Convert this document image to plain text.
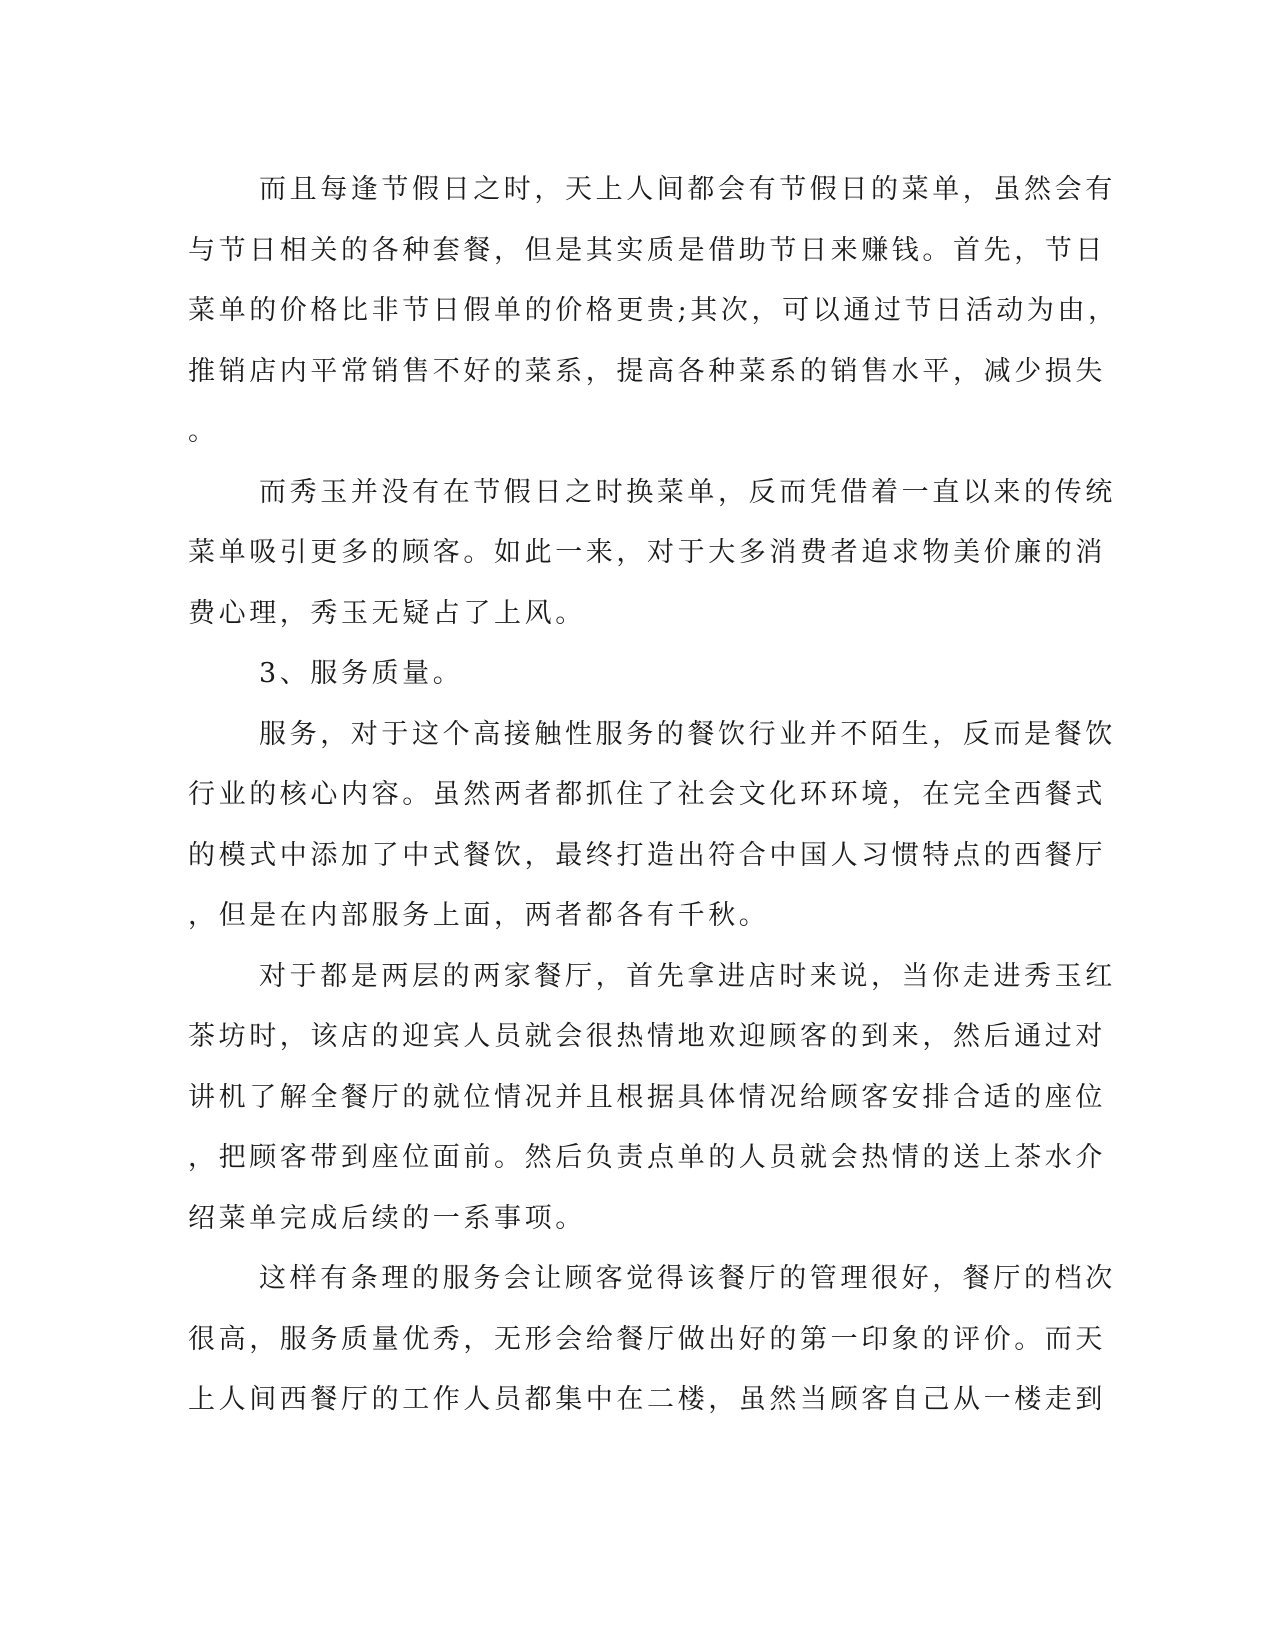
而且每逢节假日之时，天上人间都会有节假日的菜单，虽然会有
与节日相关的各种套餐，但是其实质是借助节日来赚钱。首先，节日
菜单的价格比非节日假单的价格更贵;其次，可以通过节日活动为由，
推销店内平常销售不好的菜系，提高各种菜系的销售水平，减少损失
。
而秀玉并没有在节假日之时换菜单，反而凭借着一直以来的传统
菜单吸引更多的顾客。如此一来，对于大多消费者追求物美价廉的消
费心理，秀玉无疑占了上风。
3、服务质量。
服务，对于这个高接触性服务的餐饮行业并不陌生，反而是餐饮
行业的核心内容。虽然两者都抓住了社会文化环环境，在完全西餐式
的模式中添加了中式餐饮，最终打造出符合中国人习惯特点的西餐厅
，但是在内部服务上面，两者都各有千秋。
对于都是两层的两家餐厅，首先拿进店时来说，当你走进秀玉红
茶坊时，该店的迎宾人员就会很热情地欢迎顾客的到来，然后通过对
讲机了解全餐厅的就位情况并且根据具体情况给顾客安排合适的座位
，把顾客带到座位面前。然后负责点单的人员就会热情的送上茶水介
绍菜单完成后续的一系事项。
这样有条理的服务会让顾客觉得该餐厅的管理很好，餐厅的档次
很高，服务质量优秀，无形会给餐厅做出好的第一印象的评价。而天
上人间西餐厅的工作人员都集中在二楼，虽然当顾客自己从一楼走到
